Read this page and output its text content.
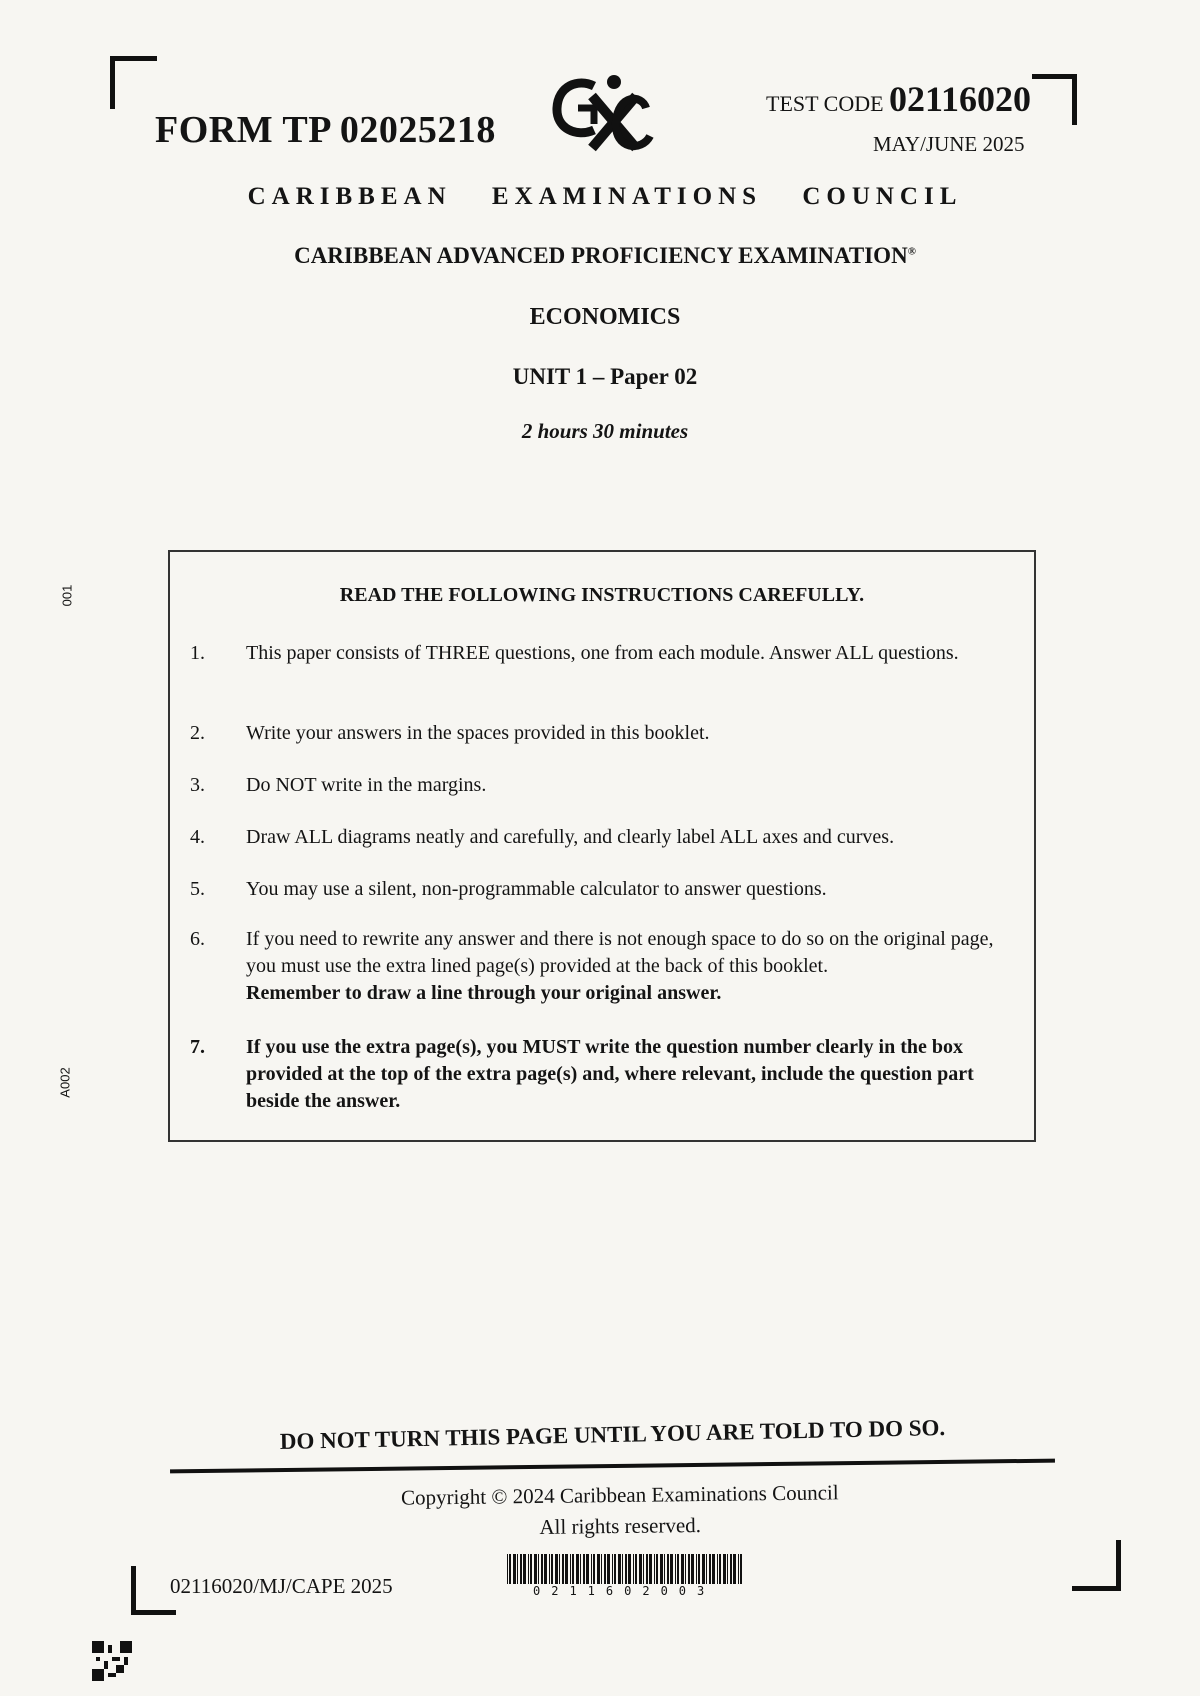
FORM TP 02025218
TEST CODE 02116020
MAY/JUNE 2025
CARIBBEAN EXAMINATIONS COUNCIL
CARIBBEAN ADVANCED PROFICIENCY EXAMINATION®
ECONOMICS
UNIT 1 – Paper 02
2 hours 30 minutes
READ THE FOLLOWING INSTRUCTIONS CAREFULLY.
1.	This paper consists of THREE questions, one from each module. Answer ALL questions.
2.	Write your answers in the spaces provided in this booklet.
3.	Do NOT write in the margins.
4.	Draw ALL diagrams neatly and carefully, and clearly label ALL axes and curves.
5.	You may use a silent, non-programmable calculator to answer questions.
6.	If you need to rewrite any answer and there is not enough space to do so on the original page, you must use the extra lined page(s) provided at the back of this booklet.
Remember to draw a line through your original answer.
7.	If you use the extra page(s), you MUST write the question number clearly in the box provided at the top of the extra page(s) and, where relevant, include the question part beside the answer.
DO NOT TURN THIS PAGE UNTIL YOU ARE TOLD TO DO SO.
Copyright © 2024 Caribbean Examinations Council
All rights reserved.
02116020/MJ/CAPE 2025	0211602003
001
A002
